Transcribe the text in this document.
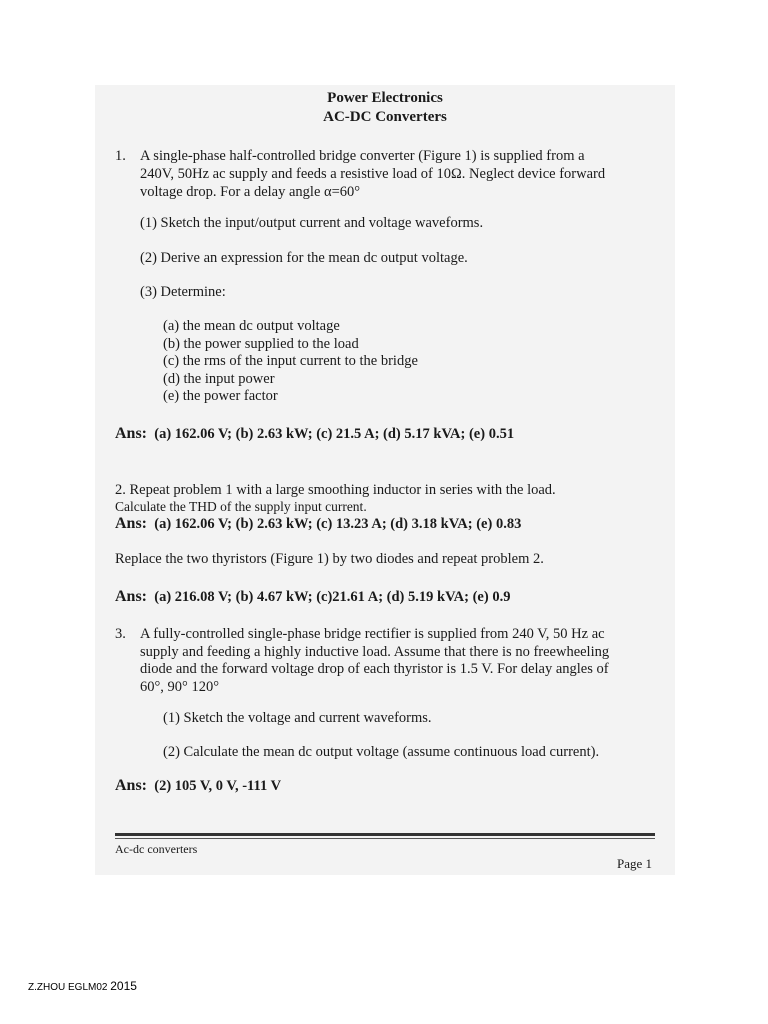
Power Electronics
AC-DC Converters
1. A single-phase half-controlled bridge converter (Figure 1) is supplied from a
240V, 50Hz ac supply and feeds a resistive load of 10Ω. Neglect device forward
voltage drop. For a delay angle α=60°
(1) Sketch the input/output current and voltage waveforms.
(2) Derive an expression for the mean dc output voltage.
(3) Determine:
(a) the mean dc output voltage
(b) the power supplied to the load
(c) the rms of the input current to the bridge
(d) the input power
(e) the power factor
Ans: (a) 162.06 V; (b) 2.63 kW; (c) 21.5 A; (d) 5.17 kVA; (e) 0.51
2. Repeat problem 1 with a large smoothing inductor in series with the load.
Calculate the THD of the supply input current.
Ans: (a) 162.06 V; (b) 2.63 kW; (c) 13.23 A; (d) 3.18 kVA; (e) 0.83
Replace the two thyristors (Figure 1) by two diodes and repeat problem 2.
Ans: (a) 216.08 V; (b) 4.67 kW; (c)21.61 A; (d) 5.19 kVA; (e) 0.9
3. A fully-controlled single-phase bridge rectifier is supplied from 240 V, 50 Hz ac
supply and feeding a highly inductive load. Assume that there is no freewheeling
diode and the forward voltage drop of each thyristor is 1.5 V. For delay angles of
60°, 90° 120°
(1) Sketch the voltage and current waveforms.
(2) Calculate the mean dc output voltage (assume continuous load current).
Ans: (2) 105 V, 0 V, -111 V
Ac-dc converters
Page 1
Z.ZHOU EGLM02 2015
